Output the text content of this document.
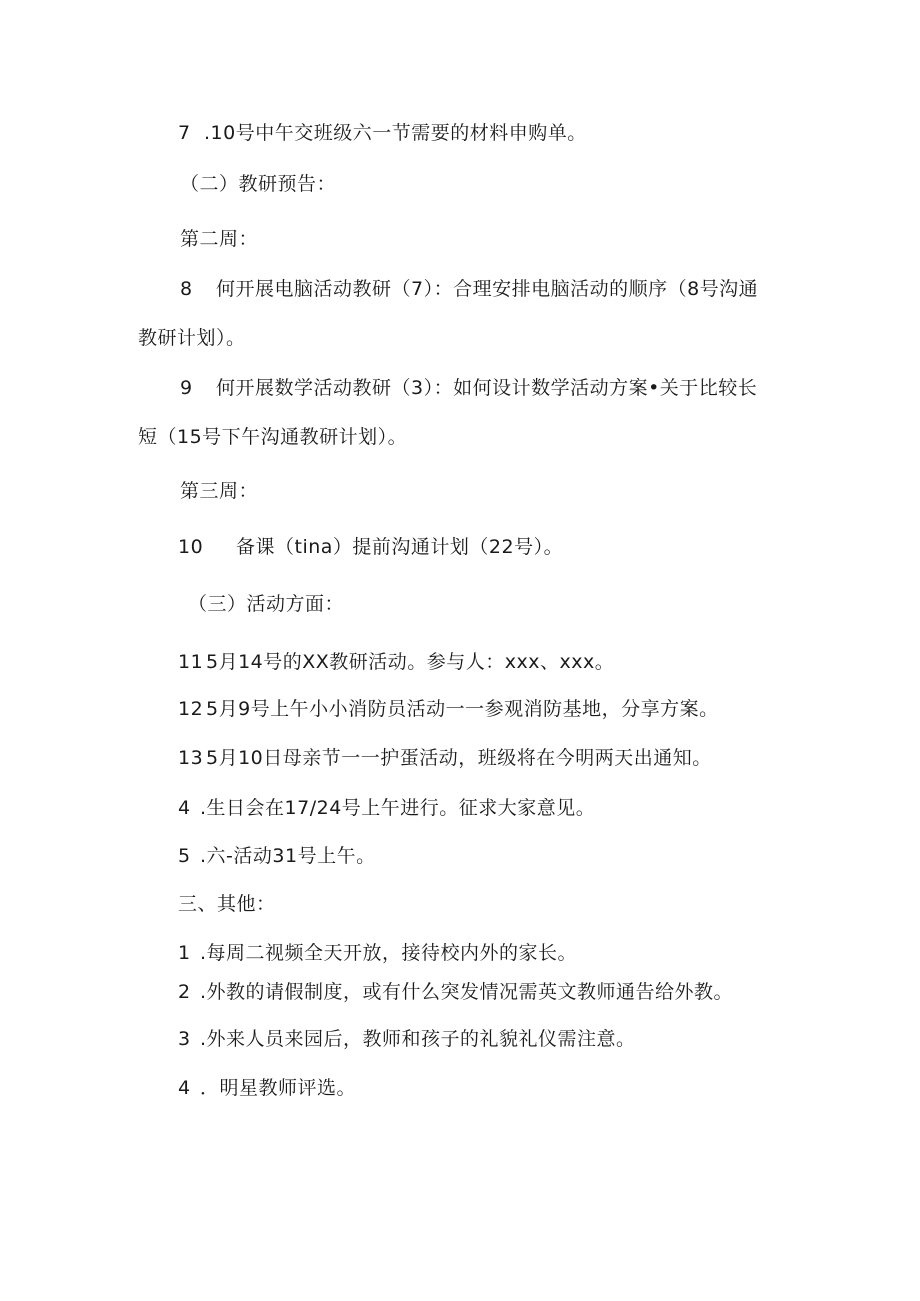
7 .10号中午交班级六一节需要的材料申购单。
（二）教研预告：
第二周：
8 何开展电脑活动教研（7）：合理安排电脑活动的顺序（8号沟通
教研计划）。
9 何开展数学活动教研（3）：如何设计数学活动方案•关于比较长
短（15号下午沟通教研计划）。
第三周：
10 备课（tina）提前沟通计划（22号）。
（三）活动方面：
11 5月14号的XX教研活动。参与人：xxx、xxx。
12 5月9号上午小小消防员活动一一参观消防基地，分享方案。
13 5月10日母亲节一一护蛋活动，班级将在今明两天出通知。
4 .生日会在17/24号上午进行。征求大家意见。
5 .六-活动31号上午。
三、其他：
1 .每周二视频全天开放，接待校内外的家长。
2 .外教的请假制度，或有什么突发情况需英文教师通告给外教。
3 .外来人员来园后，教师和孩子的礼貌礼仪需注意。
4 ．明星教师评选。
